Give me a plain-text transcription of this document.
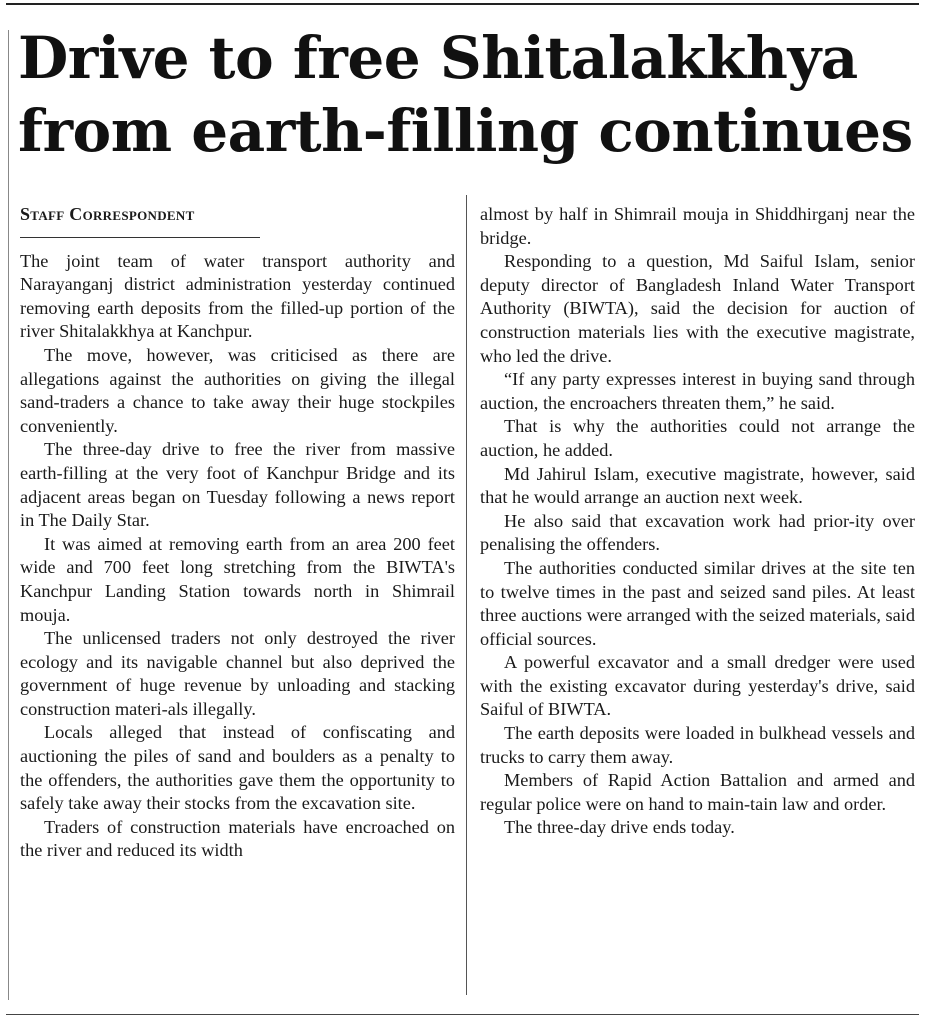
Drive to free Shitalakkhya
from earth-filling continues
Staff Correspondent

The joint team of water transport authority and Narayanganj district administration yesterday continued removing earth deposits from the filled-up portion of the river Shitalakkhya at Kanchpur.

The move, however, was criticised as there are allegations against the authorities on giving the illegal sand-traders a chance to take away their huge stockpiles conveniently.

The three-day drive to free the river from massive earth-filling at the very foot of Kanchpur Bridge and its adjacent areas began on Tuesday following a news report in The Daily Star.

It was aimed at removing earth from an area 200 feet wide and 700 feet long stretching from the BIWTA's Kanchpur Landing Station towards north in Shimrail mouja.

The unlicensed traders not only destroyed the river ecology and its navigable channel but also deprived the government of huge revenue by unloading and stacking construction materi-als illegally.

Locals alleged that instead of confiscating and auctioning the piles of sand and boulders as a penalty to the offenders, the authorities gave them the opportunity to safely take away their stocks from the excavation site.

Traders of construction materials have encroached on the river and reduced its width

almost by half in Shimrail mouja in Shiddhirganj near the bridge.

Responding to a question, Md Saiful Islam, senior deputy director of Bangladesh Inland Water Transport Authority (BIWTA), said the decision for auction of construction materials lies with the executive magistrate, who led the drive.

“If any party expresses interest in buying sand through auction, the encroachers threaten them,” he said.

That is why the authorities could not arrange the auction, he added.

Md Jahirul Islam, executive magistrate, however, said that he would arrange an auction next week.

He also said that excavation work had prior-ity over penalising the offenders.

The authorities conducted similar drives at the site ten to twelve times in the past and seized sand piles. At least three auctions were arranged with the seized materials, said official sources.

A powerful excavator and a small dredger were used with the existing excavator during yesterday's drive, said Saiful of BIWTA.

The earth deposits were loaded in bulkhead vessels and trucks to carry them away.

Members of Rapid Action Battalion and armed and regular police were on hand to main-tain law and order.

The three-day drive ends today.
